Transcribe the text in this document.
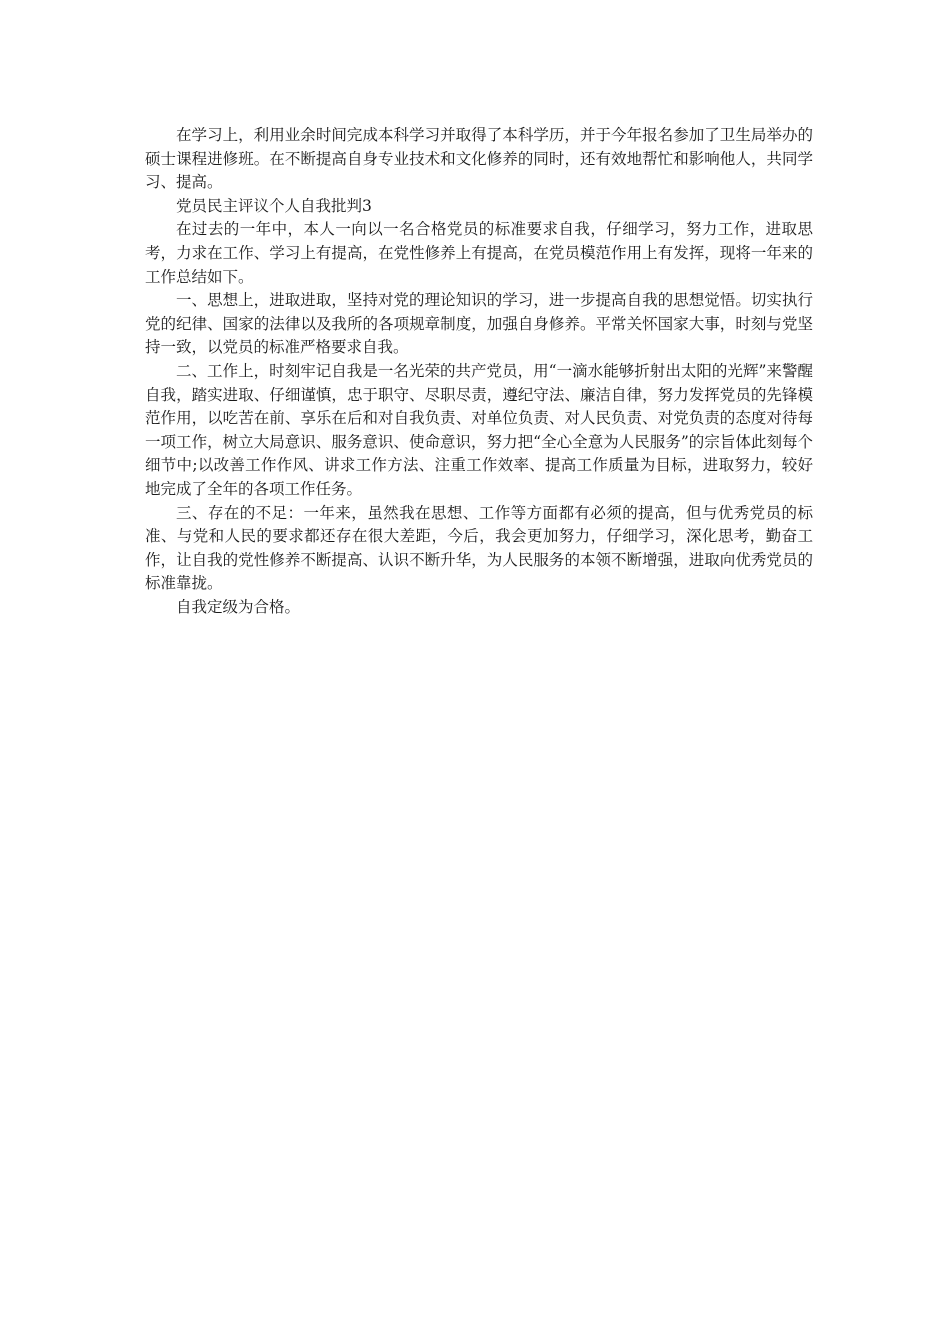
在学习上，利用业余时间完成本科学习并取得了本科学历，并于今年报名参加了卫生局举办的硕士课程进修班。在不断提高自身专业技术和文化修养的同时，还有效地帮忙和影响他人，共同学习、提高。

党员民主评议个人自我批判3

在过去的一年中，本人一向以一名合格党员的标准要求自我，仔细学习，努力工作，进取思考，力求在工作、学习上有提高，在党性修养上有提高，在党员模范作用上有发挥，现将一年来的工作总结如下。

一、思想上，进取进取，坚持对党的理论知识的学习，进一步提高自我的思想觉悟。切实执行党的纪律、国家的法律以及我所的各项规章制度，加强自身修养。平常关怀国家大事，时刻与党坚持一致，以党员的标准严格要求自我。

二、工作上，时刻牢记自我是一名光荣的共产党员，用“一滴水能够折射出太阳的光辉”来警醒自我，踏实进取、仔细谨慎，忠于职守、尽职尽责，遵纪守法、廉洁自律，努力发挥党员的先锋模范作用，以吃苦在前、享乐在后和对自我负责、对单位负责、对人民负责、对党负责的态度对待每一项工作，树立大局意识、服务意识、使命意识，努力把“全心全意为人民服务”的宗旨体此刻每个细节中;以改善工作作风、讲求工作方法、注重工作效率、提高工作质量为目标，进取努力，较好地完成了全年的各项工作任务。

三、存在的不足：一年来，虽然我在思想、工作等方面都有必须的提高，但与优秀党员的标准、与党和人民的要求都还存在很大差距，今后，我会更加努力，仔细学习，深化思考，勤奋工作，让自我的党性修养不断提高、认识不断升华，为人民服务的本领不断增强，进取向优秀党员的标准靠拢。

自我定级为合格。
